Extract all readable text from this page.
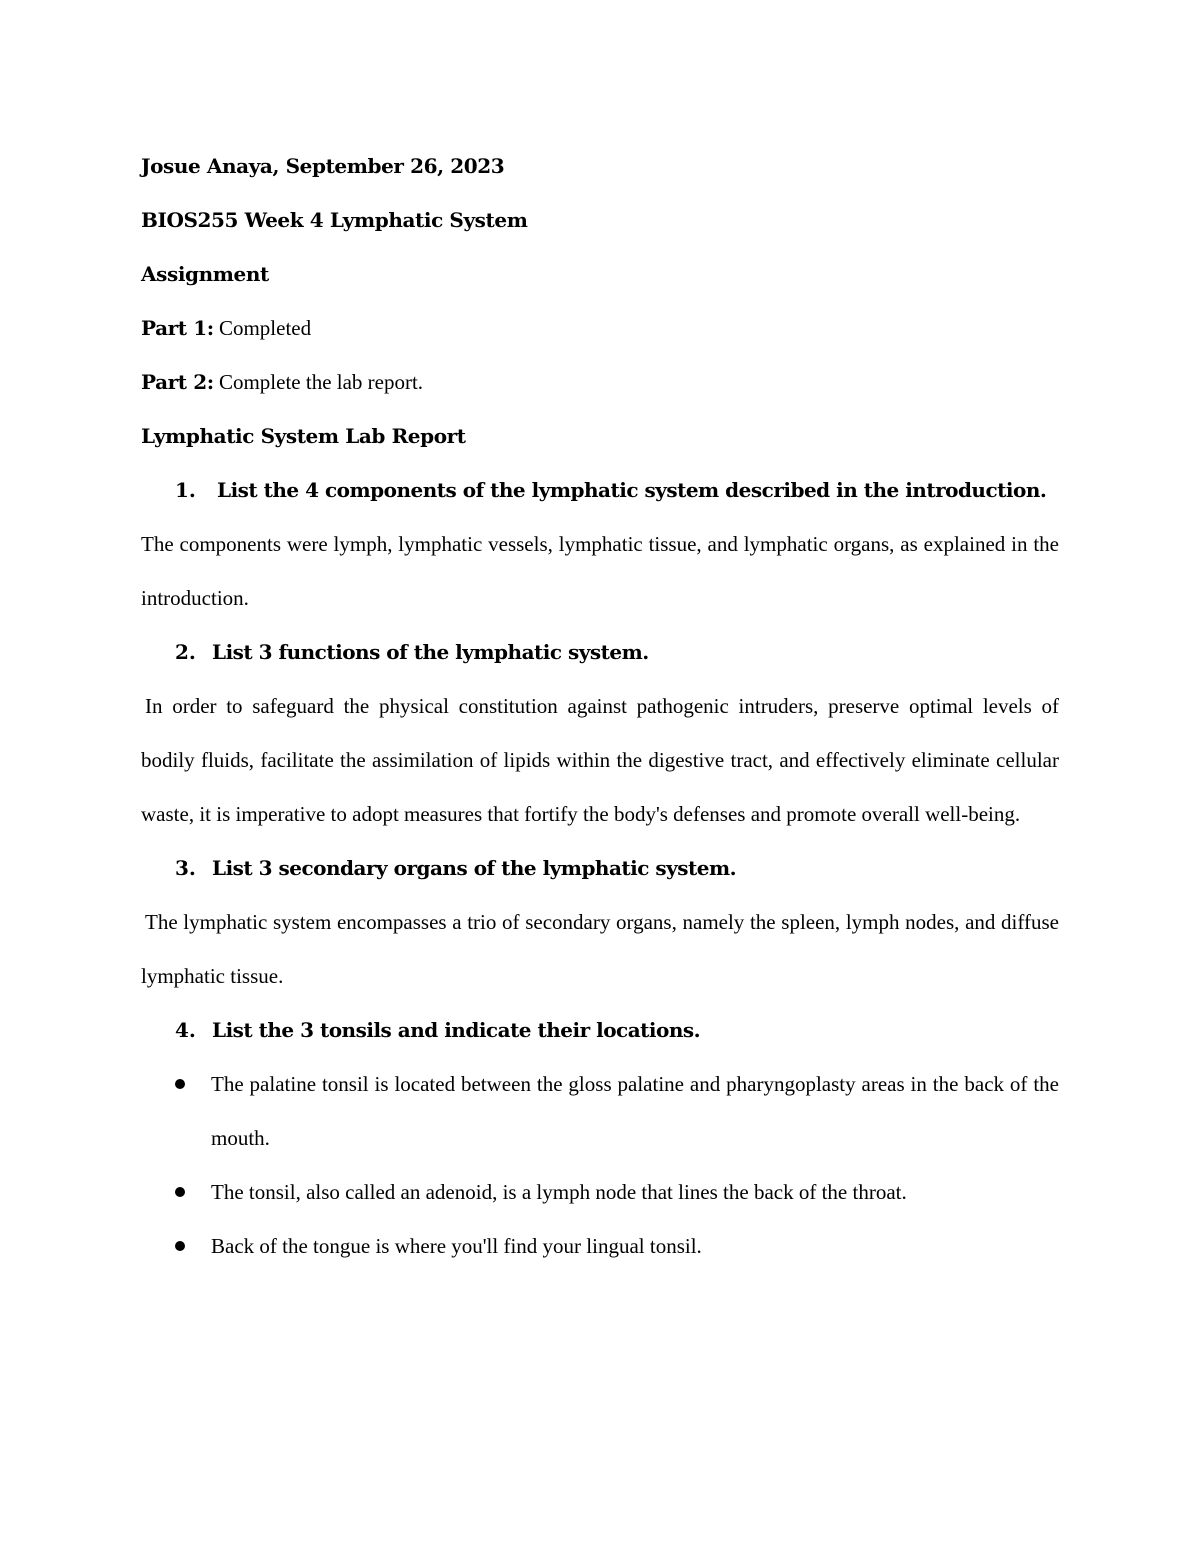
Josue Anaya, September 26, 2023

BIOS255 Week 4 Lymphatic System

Assignment

Part 1: Completed

Part 2: Complete the lab report.

Lymphatic System Lab Report

1.	List the 4 components of the lymphatic system described in the introduction.

The components were lymph, lymphatic vessels, lymphatic tissue, and lymphatic organs, as explained in the introduction.

2. List 3 functions of the lymphatic system.

In order to safeguard the physical constitution against pathogenic intruders, preserve optimal levels of bodily fluids, facilitate the assimilation of lipids within the digestive tract, and effectively eliminate cellular waste, it is imperative to adopt measures that fortify the body's defenses and promote overall well-being.

3. List 3 secondary organs of the lymphatic system.

The lymphatic system encompasses a trio of secondary organs, namely the spleen, lymph nodes, and diffuse lymphatic tissue.

4. List the 3 tonsils and indicate their locations.

The palatine tonsil is located between the gloss palatine and pharyngoplasty areas in the back of the mouth.
The tonsil, also called an adenoid, is a lymph node that lines the back of the throat.
Back of the tongue is where you'll find your lingual tonsil.
